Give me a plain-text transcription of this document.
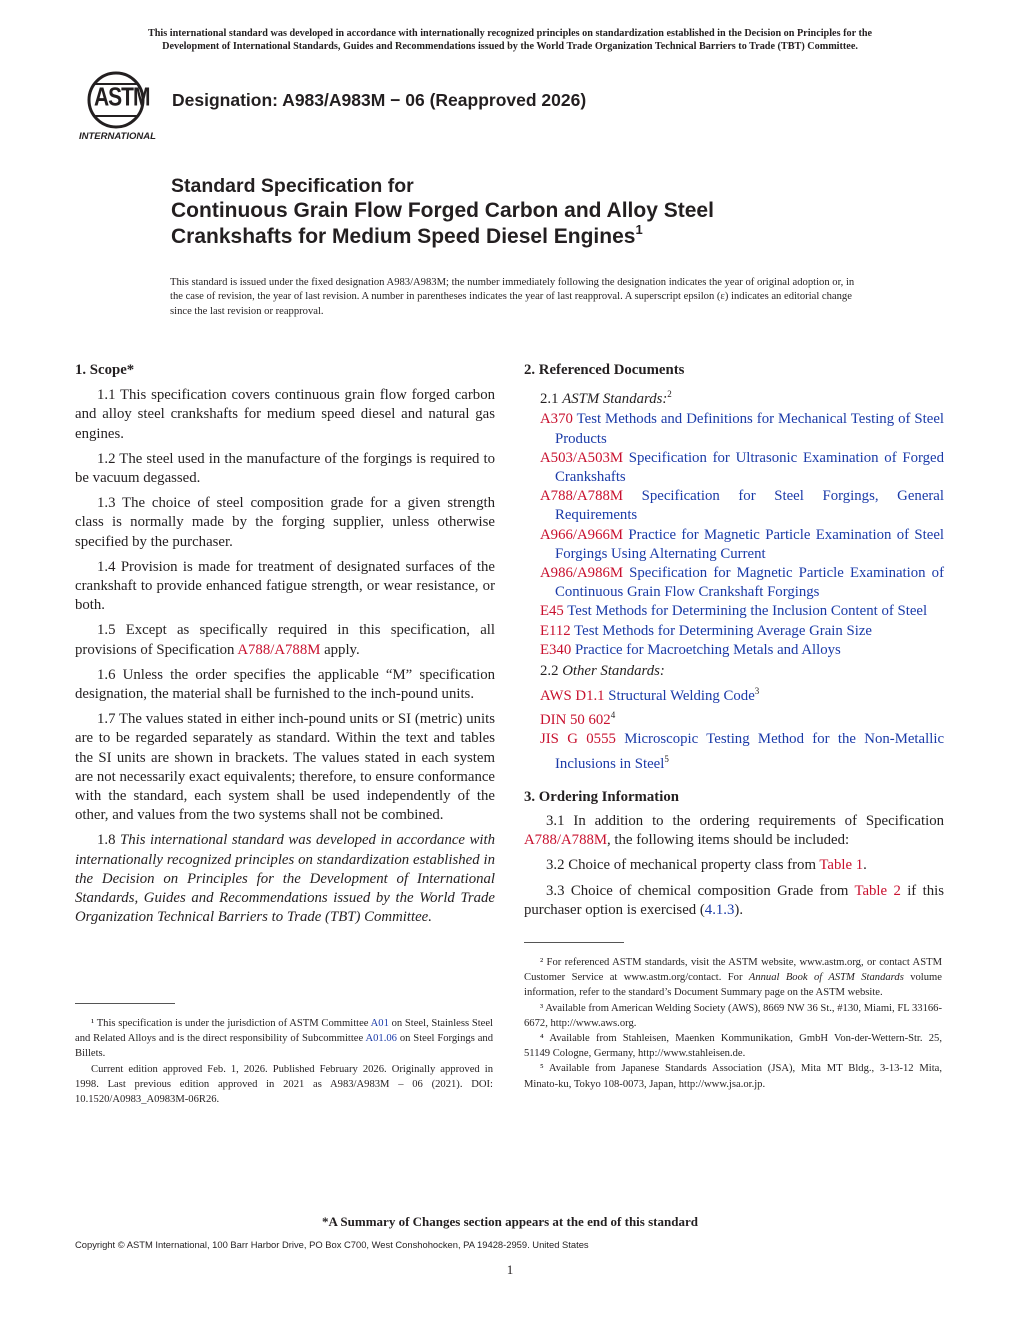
This international standard was developed in accordance with internationally recognized principles on standardization established in the Decision on Principles for the
Development of International Standards, Guides and Recommendations issued by the World Trade Organization Technical Barriers to Trade (TBT) Committee.
ASTM
INTERNATIONAL
Designation: A983/A983M − 06 (Reapproved 2026)
Standard Specification for
Continuous Grain Flow Forged Carbon and Alloy Steel
Crankshafts for Medium Speed Diesel Engines$^1$
This standard is issued under the fixed designation A983/A983M; the number immediately following the designation indicates the year of original adoption or, in the case of revision, the year of last revision. A number in parentheses indicates the year of last reapproval. A superscript epsilon (ε) indicates an editorial change since the last revision or reapproval.
1. Scope*

1.1 This specification covers continuous grain flow forged carbon and alloy steel crankshafts for medium speed diesel and natural gas engines.

1.2 The steel used in the manufacture of the forgings is required to be vacuum degassed.

1.3 The choice of steel composition grade for a given strength class is normally made by the forging supplier, unless otherwise specified by the purchaser.

1.4 Provision is made for treatment of designated surfaces of the crankshaft to provide enhanced fatigue strength, or wear resistance, or both.

1.5 Except as specifically required in this specification, all provisions of Specification A788/A788M apply.

1.6 Unless the order specifies the applicable “M” specification designation, the material shall be furnished to the inch-pound units.

1.7 The values stated in either inch-pound units or SI (metric) units are to be regarded separately as standard. Within the text and tables the SI units are shown in brackets. The values stated in each system are not necessarily exact equivalents; therefore, to ensure conformance with the standard, each system shall be used independently of the other, and values from the two systems shall not be combined.

1.8 This international standard was developed in accordance with internationally recognized principles on standardization established in the Decision on Principles for the Development of International Standards, Guides and Recommendations issued by the World Trade Organization Technical Barriers to Trade (TBT) Committee.

¹ This specification is under the jurisdiction of ASTM Committee A01 on Steel, Stainless Steel and Related Alloys and is the direct responsibility of Subcommittee A01.06 on Steel Forgings and Billets.

Current edition approved Feb. 1, 2026. Published February 2026. Originally approved in 1998. Last previous edition approved in 2021 as A983/A983M – 06 (2021). DOI: 10.1520/A0983_A0983M-06R26.

2. Referenced Documents
2.1 ASTM Standards:$^2$

A370 Test Methods and Definitions for Mechanical Testing of Steel Products

A503/A503M Specification for Ultrasonic Examination of Forged Crankshafts

A788/A788M Specification for Steel Forgings, General Requirements

A966/A966M Practice for Magnetic Particle Examination of Steel Forgings Using Alternating Current

A986/A986M Specification for Magnetic Particle Examination of Continuous Grain Flow Crankshaft Forgings

E45 Test Methods for Determining the Inclusion Content of Steel

E112 Test Methods for Determining Average Grain Size

E340 Practice for Macroetching Metals and Alloys

2.2 Other Standards:

AWS D1.1 Structural Welding Code$^3$

DIN 50 $602^4$

JIS G 0555 Microscopic Testing Method for the Non-Metallic Inclusions in Steel$^5$

3. Ordering Information

3.1 In addition to the ordering requirements of Specification A788/A788M, the following items should be included:

3.2 Choice of mechanical property class from Table 1.

3.3 Choice of chemical composition Grade from Table 2 if this purchaser option is exercised (4.1.3).

² For referenced ASTM standards, visit the ASTM website, www.astm.org, or contact ASTM Customer Service at www.astm.org/contact. For Annual Book of ASTM Standards volume information, refer to the standard’s Document Summary page on the ASTM website.

³ Available from American Welding Society (AWS), 8669 NW 36 St., #130, Miami, FL 33166-6672, http://www.aws.org.

⁴ Available from Stahleisen, Maenken Kommunikation, GmbH Von-der-Wettern-Str. 25, 51149 Cologne, Germany, http://www.stahleisen.de.

⁵ Available from Japanese Standards Association (JSA), Mita MT Bldg., 3-13-12 Mita, Minato-ku, Tokyo 108-0073, Japan, http://www.jsa.or.jp.

*A Summary of Changes section appears at the end of this standard
Copyright © ASTM International, 100 Barr Harbor Drive, PO Box C700, West Conshohocken, PA 19428-2959. United States
1
